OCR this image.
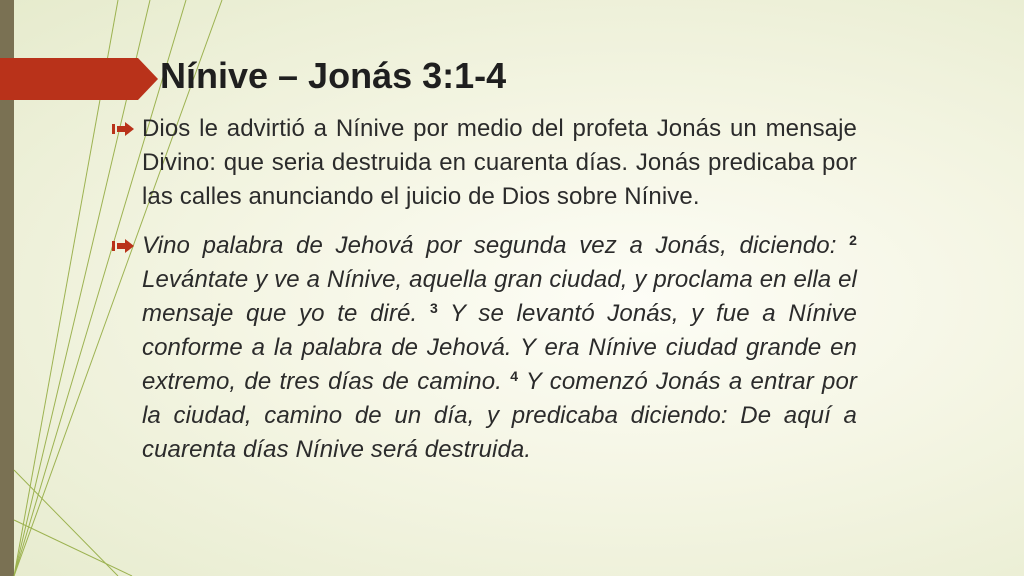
Nínive – Jonás 3:1-4
Dios le advirtió a Nínive por medio del profeta Jonás un mensaje Divino: que seria destruida en cuarenta días. Jonás predicaba por las calles anunciando el juicio de Dios sobre Nínive.
Vino palabra de Jehová por segunda vez a Jonás, diciendo: $^2$ Levántate y ve a Nínive, aquella gran ciudad, y proclama en ella el mensaje que yo te diré. $^3$ Y se levantó Jonás, y fue a Nínive conforme a la palabra de Jehová. Y era Nínive ciudad grande en extremo, de tres días de camino. $^4$ Y comenzó Jonás a entrar por la ciudad, camino de un día, y predicaba diciendo: De aquí a cuarenta días Nínive será destruida.
